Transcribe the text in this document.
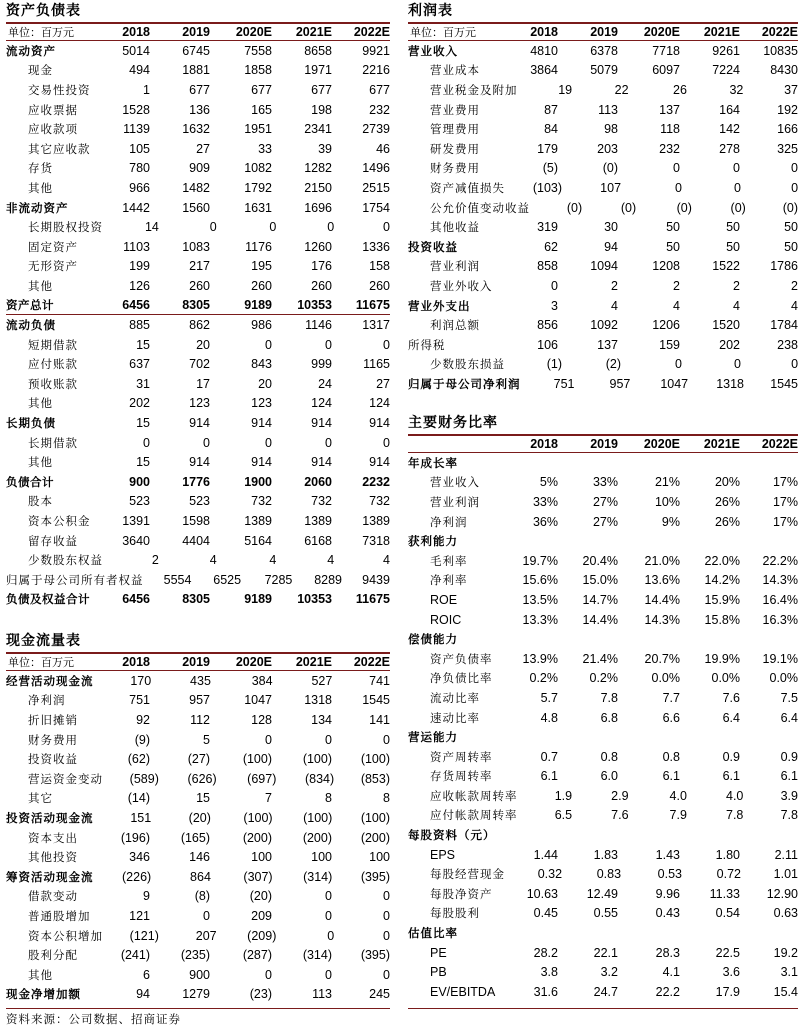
资产负债表
单位：百万元	2018	2019	2020E	2021E	2022E
流动资产	5014	6745	7558	8658	9921
现金	494	1881	1858	1971	2216
交易性投资	1	677	677	677	677
应收票据	1528	136	165	198	232
应收款项	1139	1632	1951	2341	2739
其它应收款	105	27	33	39	46
存货	780	909	1082	1282	1496
其他	966	1482	1792	2150	2515
非流动资产	1442	1560	1631	1696	1754
长期股权投资	14	0	0	0	0
固定资产	1103	1083	1176	1260	1336
无形资产	199	217	195	176	158
其他	126	260	260	260	260
资产总计	6456	8305	9189	10353	11675
流动负债	885	862	986	1146	1317
短期借款	15	20	0	0	0
应付账款	637	702	843	999	1165
预收账款	31	17	20	24	27
其他	202	123	123	124	124
长期负债	15	914	914	914	914
长期借款	0	0	0	0	0
其他	15	914	914	914	914
负债合计	900	1776	1900	2060	2232
股本	523	523	732	732	732
资本公积金	1391	1598	1389	1389	1389
留存收益	3640	4404	5164	6168	7318
少数股东权益	2	4	4	4	4
归属于母公司所有者权益	5554	6525	7285	8289	9439
负债及权益合计	6456	8305	9189	10353	11675
现金流量表
单位：百万元	2018	2019	2020E	2021E	2022E
经营活动现金流	170	435	384	527	741
净利润	751	957	1047	1318	1545
折旧摊销	92	112	128	134	141
财务费用	(9)	5	0	0	0
投资收益	(62)	(27)	(100)	(100)	(100)
营运资金变动	(589)	(626)	(697)	(834)	(853)
其它	(14)	15	7	8	8
投资活动现金流	151	(20)	(100)	(100)	(100)
资本支出	(196)	(165)	(200)	(200)	(200)
其他投资	346	146	100	100	100
筹资活动现金流	(226)	864	(307)	(314)	(395)
借款变动	9	(8)	(20)	0	0
普通股增加	121	0	209	0	0
资本公积增加	(121)	207	(209)	0	0
股利分配	(241)	(235)	(287)	(314)	(395)
其他	6	900	0	0	0
现金净增加额	94	1279	(23)	113	245
利润表
单位：百万元	2018	2019	2020E	2021E	2022E
营业收入	4810	6378	7718	9261	10835
营业成本	3864	5079	6097	7224	8430
营业税金及附加	19	22	26	32	37
营业费用	87	113	137	164	192
管理费用	84	98	118	142	166
研发费用	179	203	232	278	325
财务费用	(5)	(0)	0	0	0
资产减值损失	(103)	107	0	0	0
公允价值变动收益	(0)	(0)	(0)	(0)	(0)
其他收益	319	30	50	50	50
投资收益	62	94	50	50	50
营业利润	858	1094	1208	1522	1786
营业外收入	0	2	2	2	2
营业外支出	3	4	4	4	4
利润总额	856	1092	1206	1520	1784
所得税	106	137	159	202	238
少数股东损益	(1)	(2)	0	0	0
归属于母公司净利润	751	957	1047	1318	1545
主要财务比率
2018	2019	2020E	2021E	2022E
年成长率
营业收入	5%	33%	21%	20%	17%
营业利润	33%	27%	10%	26%	17%
净利润	36%	27%	9%	26%	17%
获利能力
毛利率	19.7%	20.4%	21.0%	22.0%	22.2%
净利率	15.6%	15.0%	13.6%	14.2%	14.3%
ROE	13.5%	14.7%	14.4%	15.9%	16.4%
ROIC	13.3%	14.4%	14.3%	15.8%	16.3%
偿债能力
资产负债率	13.9%	21.4%	20.7%	19.9%	19.1%
净负债比率	0.2%	0.2%	0.0%	0.0%	0.0%
流动比率	5.7	7.8	7.7	7.6	7.5
速动比率	4.8	6.8	6.6	6.4	6.4
营运能力
资产周转率	0.7	0.8	0.8	0.9	0.9
存货周转率	6.1	6.0	6.1	6.1	6.1
应收帐款周转率	1.9	2.9	4.0	4.0	3.9
应付帐款周转率	6.5	7.6	7.9	7.8	7.8
每股资料（元）
EPS	1.44	1.83	1.43	1.80	2.11
每股经营现金	0.32	0.83	0.53	0.72	1.01
每股净资产	10.63	12.49	9.96	11.33	12.90
每股股利	0.45	0.55	0.43	0.54	0.63
估值比率
PE	28.2	22.1	28.3	22.5	19.2
PB	3.8	3.2	4.1	3.6	3.1
EV/EBITDA	31.6	24.7	22.2	17.9	15.4
资料来源：公司数据、招商证券
